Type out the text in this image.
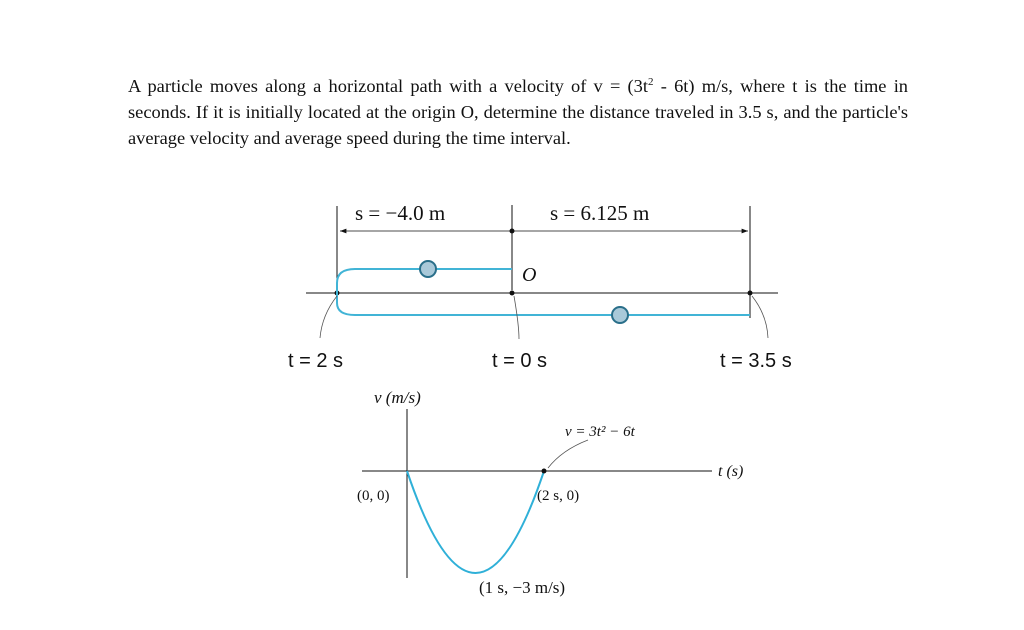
A particle moves along a horizontal path with a velocity of $v = (3t^2 - 6t)$ m/s, where t is the time in seconds. If it is initially located at the origin O, determine the distance traveled in 3.5 s, and the particle's average velocity and average speed during the time interval.

s = −4.0 m	s = 6.125 m
O
t = 2 s	t = 0 s	t = 3.5 s
v (m/s)
t (s)
v = 3t² − 6t
(0, 0)	(2 s, 0)
(1 s, −3 m/s)
